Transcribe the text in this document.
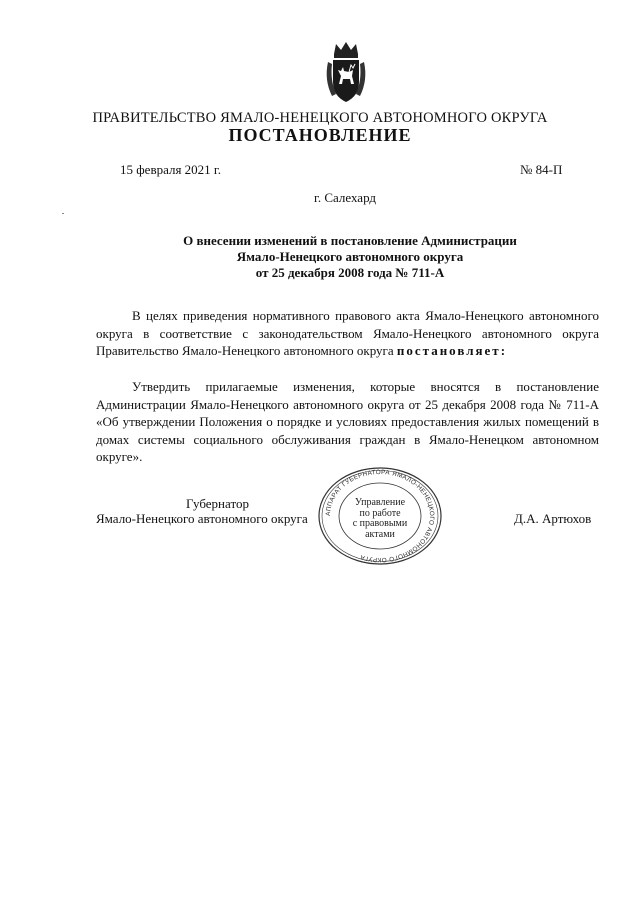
ПРАВИТЕЛЬСТВО ЯМАЛО-НЕНЕЦКОГО АВТОНОМНОГО ОКРУГА
ПОСТАНОВЛЕНИЕ
15 февраля 2021 г.	№ 84-П
г. Салехард
О внесении изменений в постановление Администрации
Ямало-Ненецкого автономного округа
от 25 декабря 2008 года № 711-А
В целях приведения нормативного правового акта Ямало-Ненецкого автономного округа в соответствие с законодательством Ямало-Ненецкого автономного округа Правительство Ямало-Ненецкого автономного округа постановляет:
Утвердить прилагаемые изменения, которые вносятся в постановление Администрации Ямало-Ненецкого автономного округа от 25 декабря 2008 года № 711-А «Об утверждении Положения о порядке и условиях предоставления жилых помещений в домах системы социального обслуживания граждан в Ямало-Ненецком автономном округе».
Губернатор
Ямало-Ненецкого автономного округа	Д.А. Артюхов
АППАРАТ ГУБЕРНАТОРА ЯМАЛО-НЕНЕЦКОГО АВТОНОМНОГО ОКРУГА
Управление
по работе
с правовыми
актами
